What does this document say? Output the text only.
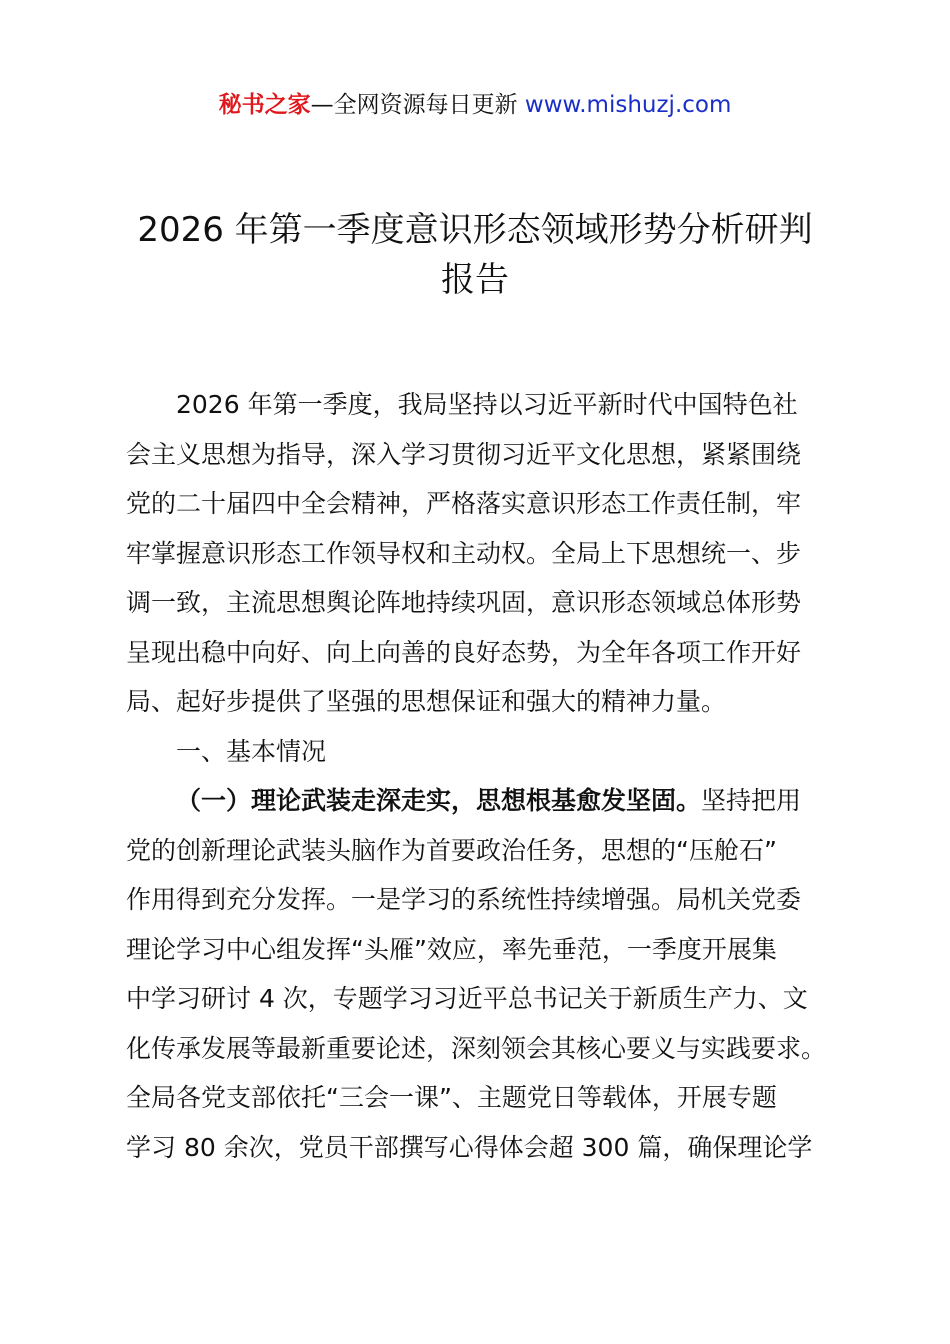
秘书之家—全网资源每日更新 www.mishuzj.com
2026 年第一季度意识形态领域形势分析研判
报告
2026 年第一季度，我局坚持以习近平新时代中国特色社
会主义思想为指导，深入学习贯彻习近平文化思想，紧紧围绕
党的二十届四中全会精神，严格落实意识形态工作责任制，牢
牢掌握意识形态工作领导权和主动权。全局上下思想统一、步
调一致，主流思想舆论阵地持续巩固，意识形态领域总体形势
呈现出稳中向好、向上向善的良好态势，为全年各项工作开好
局、起好步提供了坚强的思想保证和强大的精神力量。
一、基本情况
（一）理论武装走深走实，思想根基愈发坚固。坚持把用
党的创新理论武装头脑作为首要政治任务，思想的“压舱石”
作用得到充分发挥。一是学习的系统性持续增强。局机关党委
理论学习中心组发挥“头雁”效应，率先垂范，一季度开展集
中学习研讨 4 次，专题学习习近平总书记关于新质生产力、文
化传承发展等最新重要论述，深刻领会其核心要义与实践要求。
全局各党支部依托“三会一课”、主题党日等载体，开展专题
学习 80 余次，党员干部撰写心得体会超 300 篇，确保理论学
